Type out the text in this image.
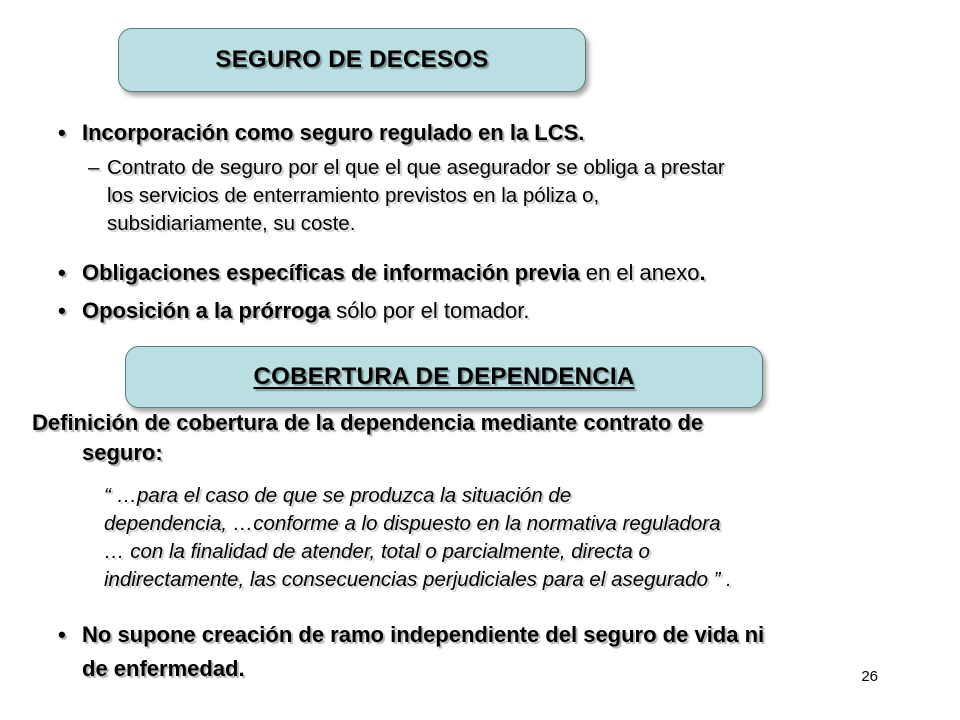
SEGURO DE DECESOS
• Incorporación como seguro regulado en la LCS.
– Contrato de seguro por el que el que asegurador se obliga a prestar
los servicios de enterramiento previstos en la póliza o,
subsidiariamente, su coste.
• Obligaciones específicas de información previa en el anexo.
• Oposición a la prórroga sólo por el tomador.
COBERTURA DE DEPENDENCIA
Definición de cobertura de la dependencia mediante contrato de
seguro:
“ …para el caso de que se produzca la situación de
dependencia, …conforme a lo dispuesto en la normativa reguladora
… con la finalidad de atender, total o parcialmente, directa o
indirectamente, las consecuencias perjudiciales para el asegurado ” .
• No supone creación de ramo independiente del seguro de vida ni
de enfermedad.	26
